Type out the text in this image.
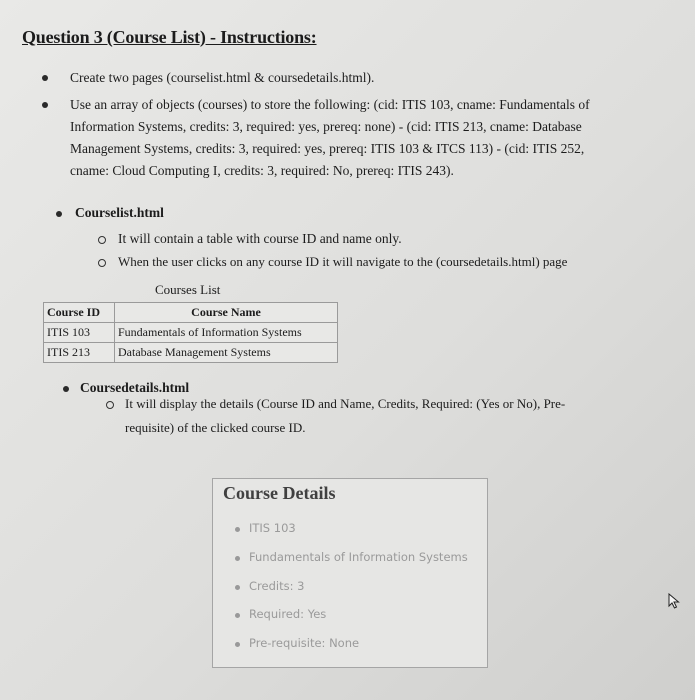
Question 3 (Course List) - Instructions:
Create two pages (courselist.html & coursedetails.html).
Use an array of objects (courses) to store the following: (cid: ITIS 103, cname: Fundamentals of
Information Systems, credits: 3, required: yes, prereq: none) - (cid: ITIS 213, cname: Database
Management Systems, credits: 3, required: yes, prereq: ITIS 103 & ITCS 113) - (cid: ITIS 252,
cname: Cloud Computing I, credits: 3, required: No, prereq: ITIS 243).
Courselist.html
It will contain a table with course ID and name only.
When the user clicks on any course ID it will navigate to the (coursedetails.html) page
Courses List
Course ID	Course Name
ITIS 103	Fundamentals of Information Systems
ITIS 213	Database Management Systems
Coursedetails.html
It will display the details (Course ID and Name, Credits, Required: (Yes or No), Pre-
requisite) of the clicked course ID.
Course Details
ITIS 103
Fundamentals of Information Systems
Credits: 3
Required: Yes
Pre-requisite: None
